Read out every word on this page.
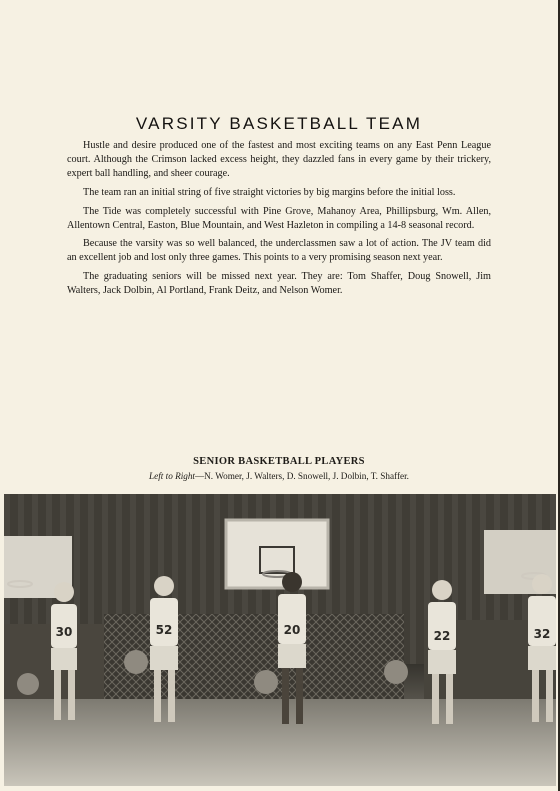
VARSITY BASKETBALL TEAM

Hustle and desire produced one of the fastest and most exciting teams on any East Penn League court. Although the Crimson lacked excess height, they dazzled fans in every game by their trickery, expert ball handling, and sheer courage.

The team ran an initial string of five straight victories by big margins before the initial loss.

The Tide was completely successful with Pine Grove, Mahanoy Area, Phillipsburg, Wm. Allen, Allentown Central, Easton, Blue Mountain, and West Hazleton in compiling a 14-8 seasonal record.

Because the varsity was so well balanced, the underclassmen saw a lot of action. The JV team did an excellent job and lost only three games. This points to a very promising season next year.

The graduating seniors will be missed next year. They are: Tom Shaffer, Doug Snowell, Jim Walters, Jack Dolbin, Al Portland, Frank Deitz, and Nelson Womer.

SENIOR BASKETBALL PLAYERS
Left to Right—N. Womer, J. Walters, D. Snowell, J. Dolbin, T. Shaffer.
30	52	20	22	32
